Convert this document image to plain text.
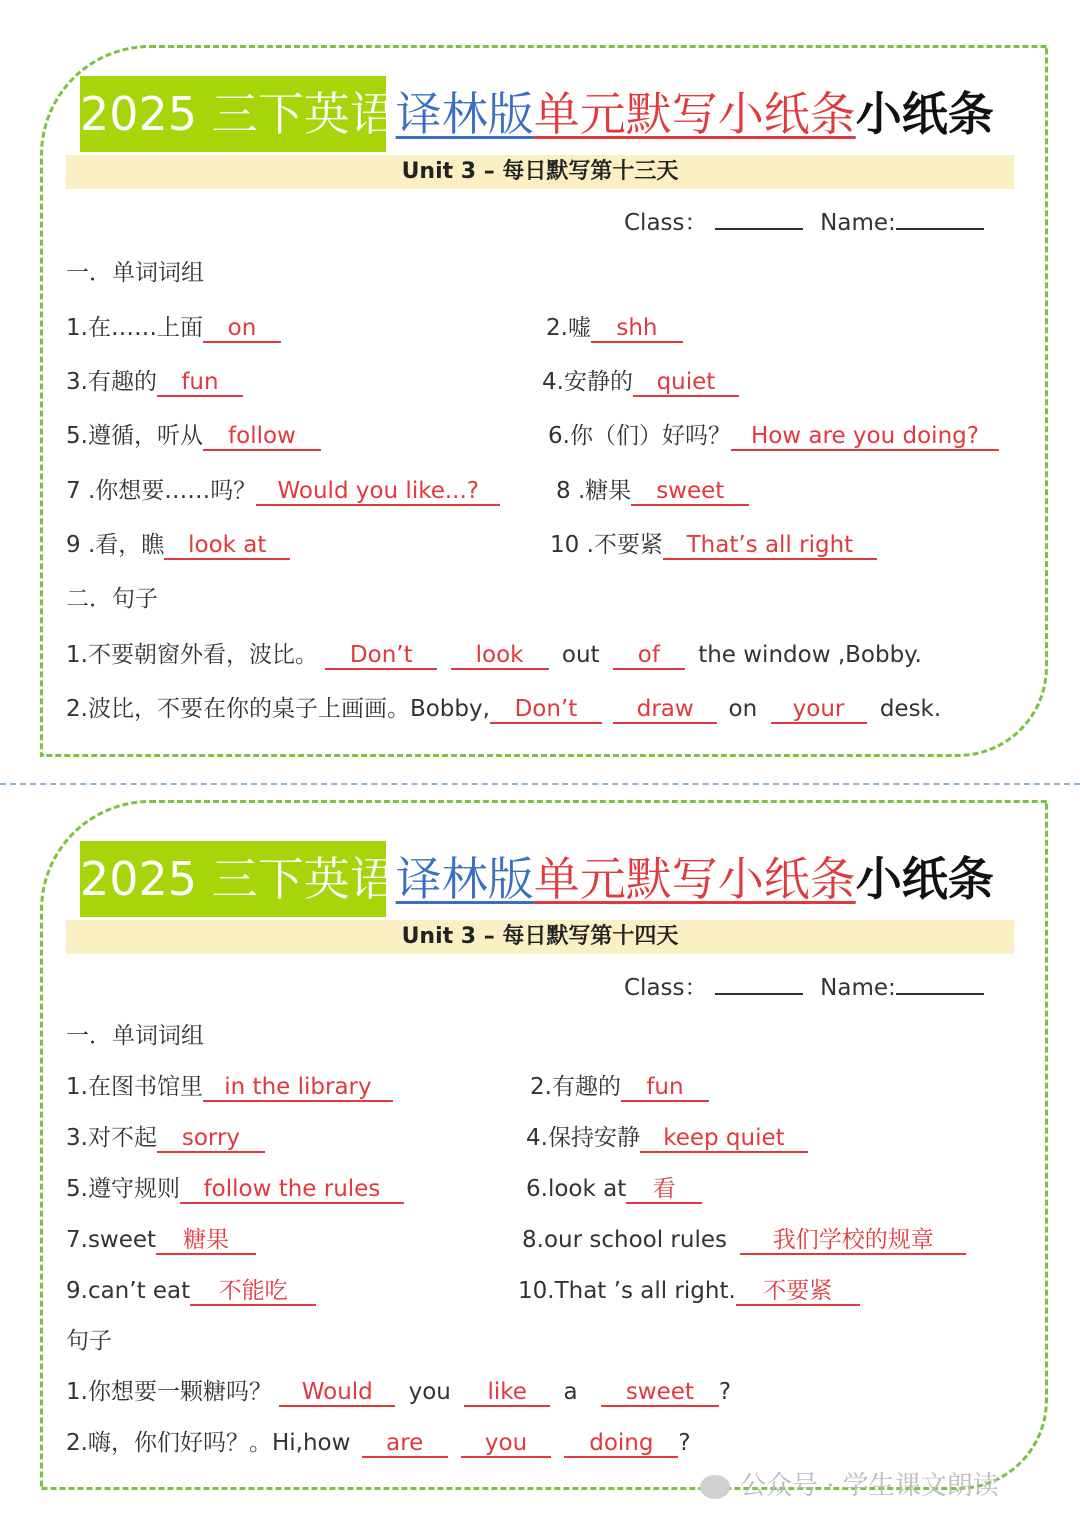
2025 三下英语译林版单元默写小纸条小纸条
Unit 3 – 每日默写第十三天
Class：	Name:
一．单词词组
1.在……上面 on	2.嘘 shh
3.有趣的 fun	4.安静的 quiet
5.遵循，听从 follow	6.你（们）好吗？ How are you doing?
7 .你想要……吗？ Would you like...?	8 .糖果 sweet
9 .看，瞧 look at	10 .不要紧 That’s all right
二．句子
1.不要朝窗外看，波比。 Don’t	look out of the window ,Bobby.
2.波比，不要在你的桌子上画画。Bobby, Don’t	draw on your desk.
2025 三下英语译林版单元默写小纸条小纸条
Unit 3 – 每日默写第十四天
Class：	Name:
一．单词词组
1.在图书馆里 in the library	2.有趣的 fun
3.对不起 sorry	4.保持安静 keep quiet
5.遵守规则 follow the rules	6.look at 看
7.sweet 糖果	8.our school rules 我们学校的规章
9.can’t eat 不能吃	10.That ’s all right. 不要紧
句子
1.你想要一颗糖吗？ Would you like a sweet ?
2.嗨，你们好吗？。Hi,how are	you	doing ?
公众号 · 学生课文朗读
